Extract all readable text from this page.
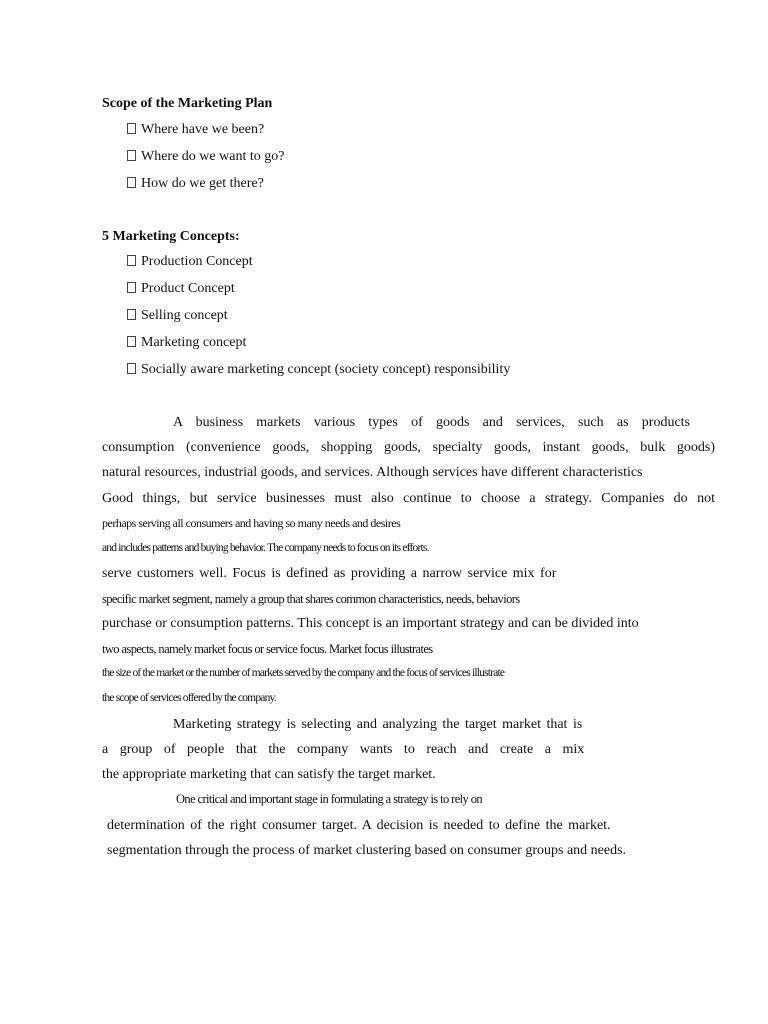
Scope of the Marketing Plan
Where have we been?
Where do we want to go?
How do we get there?
5 Marketing Concepts:
Production Concept
Product Concept
Selling concept
Marketing concept
Socially aware marketing concept (society concept) responsibility
A business markets various types of goods and services, such as products
consumption (convenience goods, shopping goods, specialty goods, instant goods, bulk goods)
natural resources, industrial goods, and services. Although services have different characteristics
Good things, but service businesses must also continue to choose a strategy. Companies do not
perhaps serving all consumers and having so many needs and desires
and includes patterns and buying behavior. The company needs to focus on its efforts.
serve customers well. Focus is defined as providing a narrow service mix for
specific market segment, namely a group that shares common characteristics, needs, behaviors
purchase or consumption patterns. This concept is an important strategy and can be divided into
two aspects, namely market focus or service focus. Market focus illustrates
the size of the market or the number of markets served by the company and the focus of services illustrate
the scope of services offered by the company.
Marketing strategy is selecting and analyzing the target market that is
a group of people that the company wants to reach and create a mix
the appropriate marketing that can satisfy the target market.
One critical and important stage in formulating a strategy is to rely on
determination of the right consumer target. A decision is needed to define the market.
segmentation through the process of market clustering based on consumer groups and needs.
